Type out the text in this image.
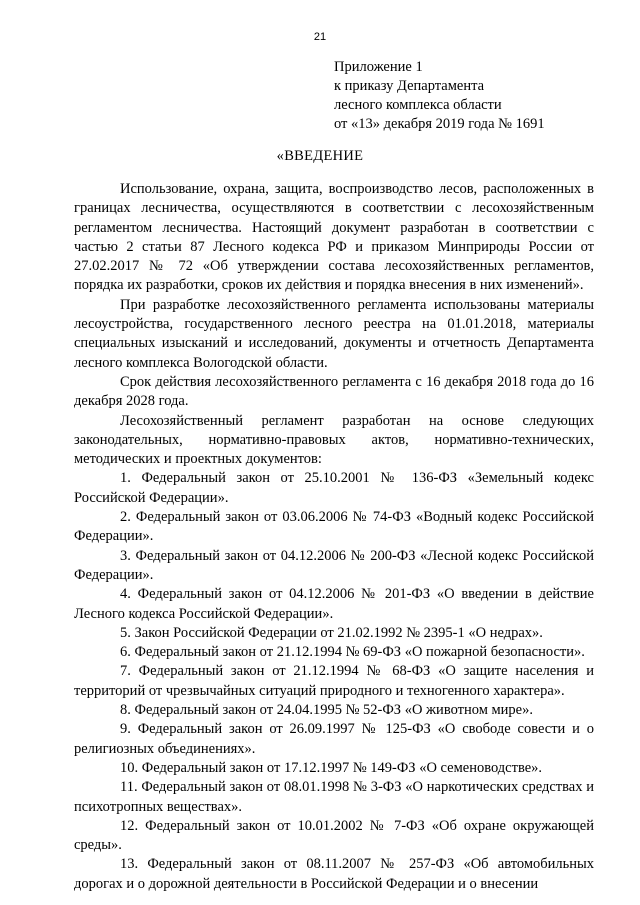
21
Приложение 1
к приказу Департамента
лесного комплекса области
от «13» декабря 2019 года № 1691
«ВВЕДЕНИЕ

Использование, охрана, защита, воспроизводство лесов, расположенных в границах лесничества, осуществляются в соответствии с лесохозяйственным регламентом лесничества. Настоящий документ разработан в соответствии с частью 2 статьи 87 Лесного кодекса РФ и приказом Минприроды России от 27.02.2017 № 72 «Об утверждении состава лесохозяйственных регламентов, порядка их разработки, сроков их действия и порядка внесения в них изменений».

При разработке лесохозяйственного регламента использованы материалы лесоустройства, государственного лесного реестра на 01.01.2018, материалы специальных изысканий и исследований, документы и отчетность Департамента лесного комплекса Вологодской области.

Срок действия лесохозяйственного регламента с 16 декабря 2018 года до 16 декабря 2028 года.

Лесохозяйственный регламент разработан на основе следующих законодательных, нормативно-правовых актов, нормативно-технических, методических и проектных документов:

1. Федеральный закон от 25.10.2001 № 136-ФЗ «Земельный кодекс Российской Федерации».

2. Федеральный закон от 03.06.2006 № 74-ФЗ «Водный кодекс Российской Федерации».

3. Федеральный закон от 04.12.2006 № 200-ФЗ «Лесной кодекс Российской Федерации».

4. Федеральный закон от 04.12.2006 № 201-ФЗ «О введении в действие Лесного кодекса Российской Федерации».

5. Закон Российской Федерации от 21.02.1992 № 2395-1 «О недрах».

6. Федеральный закон от 21.12.1994 № 69-ФЗ «О пожарной безопасности».

7. Федеральный закон от 21.12.1994 № 68-ФЗ «О защите населения и территорий от чрезвычайных ситуаций природного и техногенного характера».

8. Федеральный закон от 24.04.1995 № 52-ФЗ «О животном мире».

9. Федеральный закон от 26.09.1997 № 125-ФЗ «О свободе совести и о религиозных объединениях».

10. Федеральный закон от 17.12.1997 № 149-ФЗ «О семеноводстве».

11. Федеральный закон от 08.01.1998 № 3-ФЗ «О наркотических средствах и психотропных веществах».

12. Федеральный закон от 10.01.2002 № 7-ФЗ «Об охране окружающей среды».

13. Федеральный закон от 08.11.2007 № 257-ФЗ «Об автомобильных дорогах и о дорожной деятельности в Российской Федерации и о внесении
